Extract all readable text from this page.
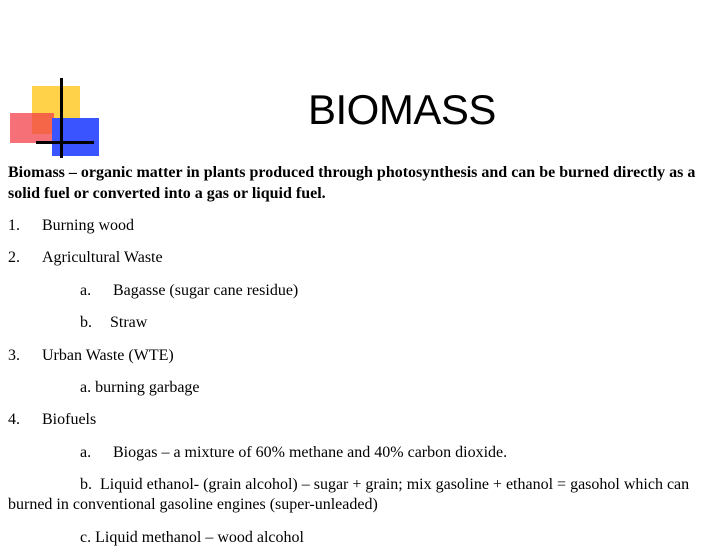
BIOMASS

Biomass – organic matter in plants produced through photosynthesis and can be burned directly as a solid fuel or converted into a gas or liquid fuel.

1. Burning wood
2. Agricultural Waste
a. Bagasse (sugar cane residue)
b. Straw
3. Urban Waste (WTE)
a. burning garbage
4. Biofuels
a. Biogas – a mixture of 60% methane and 40% carbon dioxide.
b. Liquid ethanol- (grain alcohol) – sugar + grain; mix gasoline + ethanol = gasohol which can burned in conventional gasoline engines (super-unleaded)
c. Liquid methanol – wood alcohol
